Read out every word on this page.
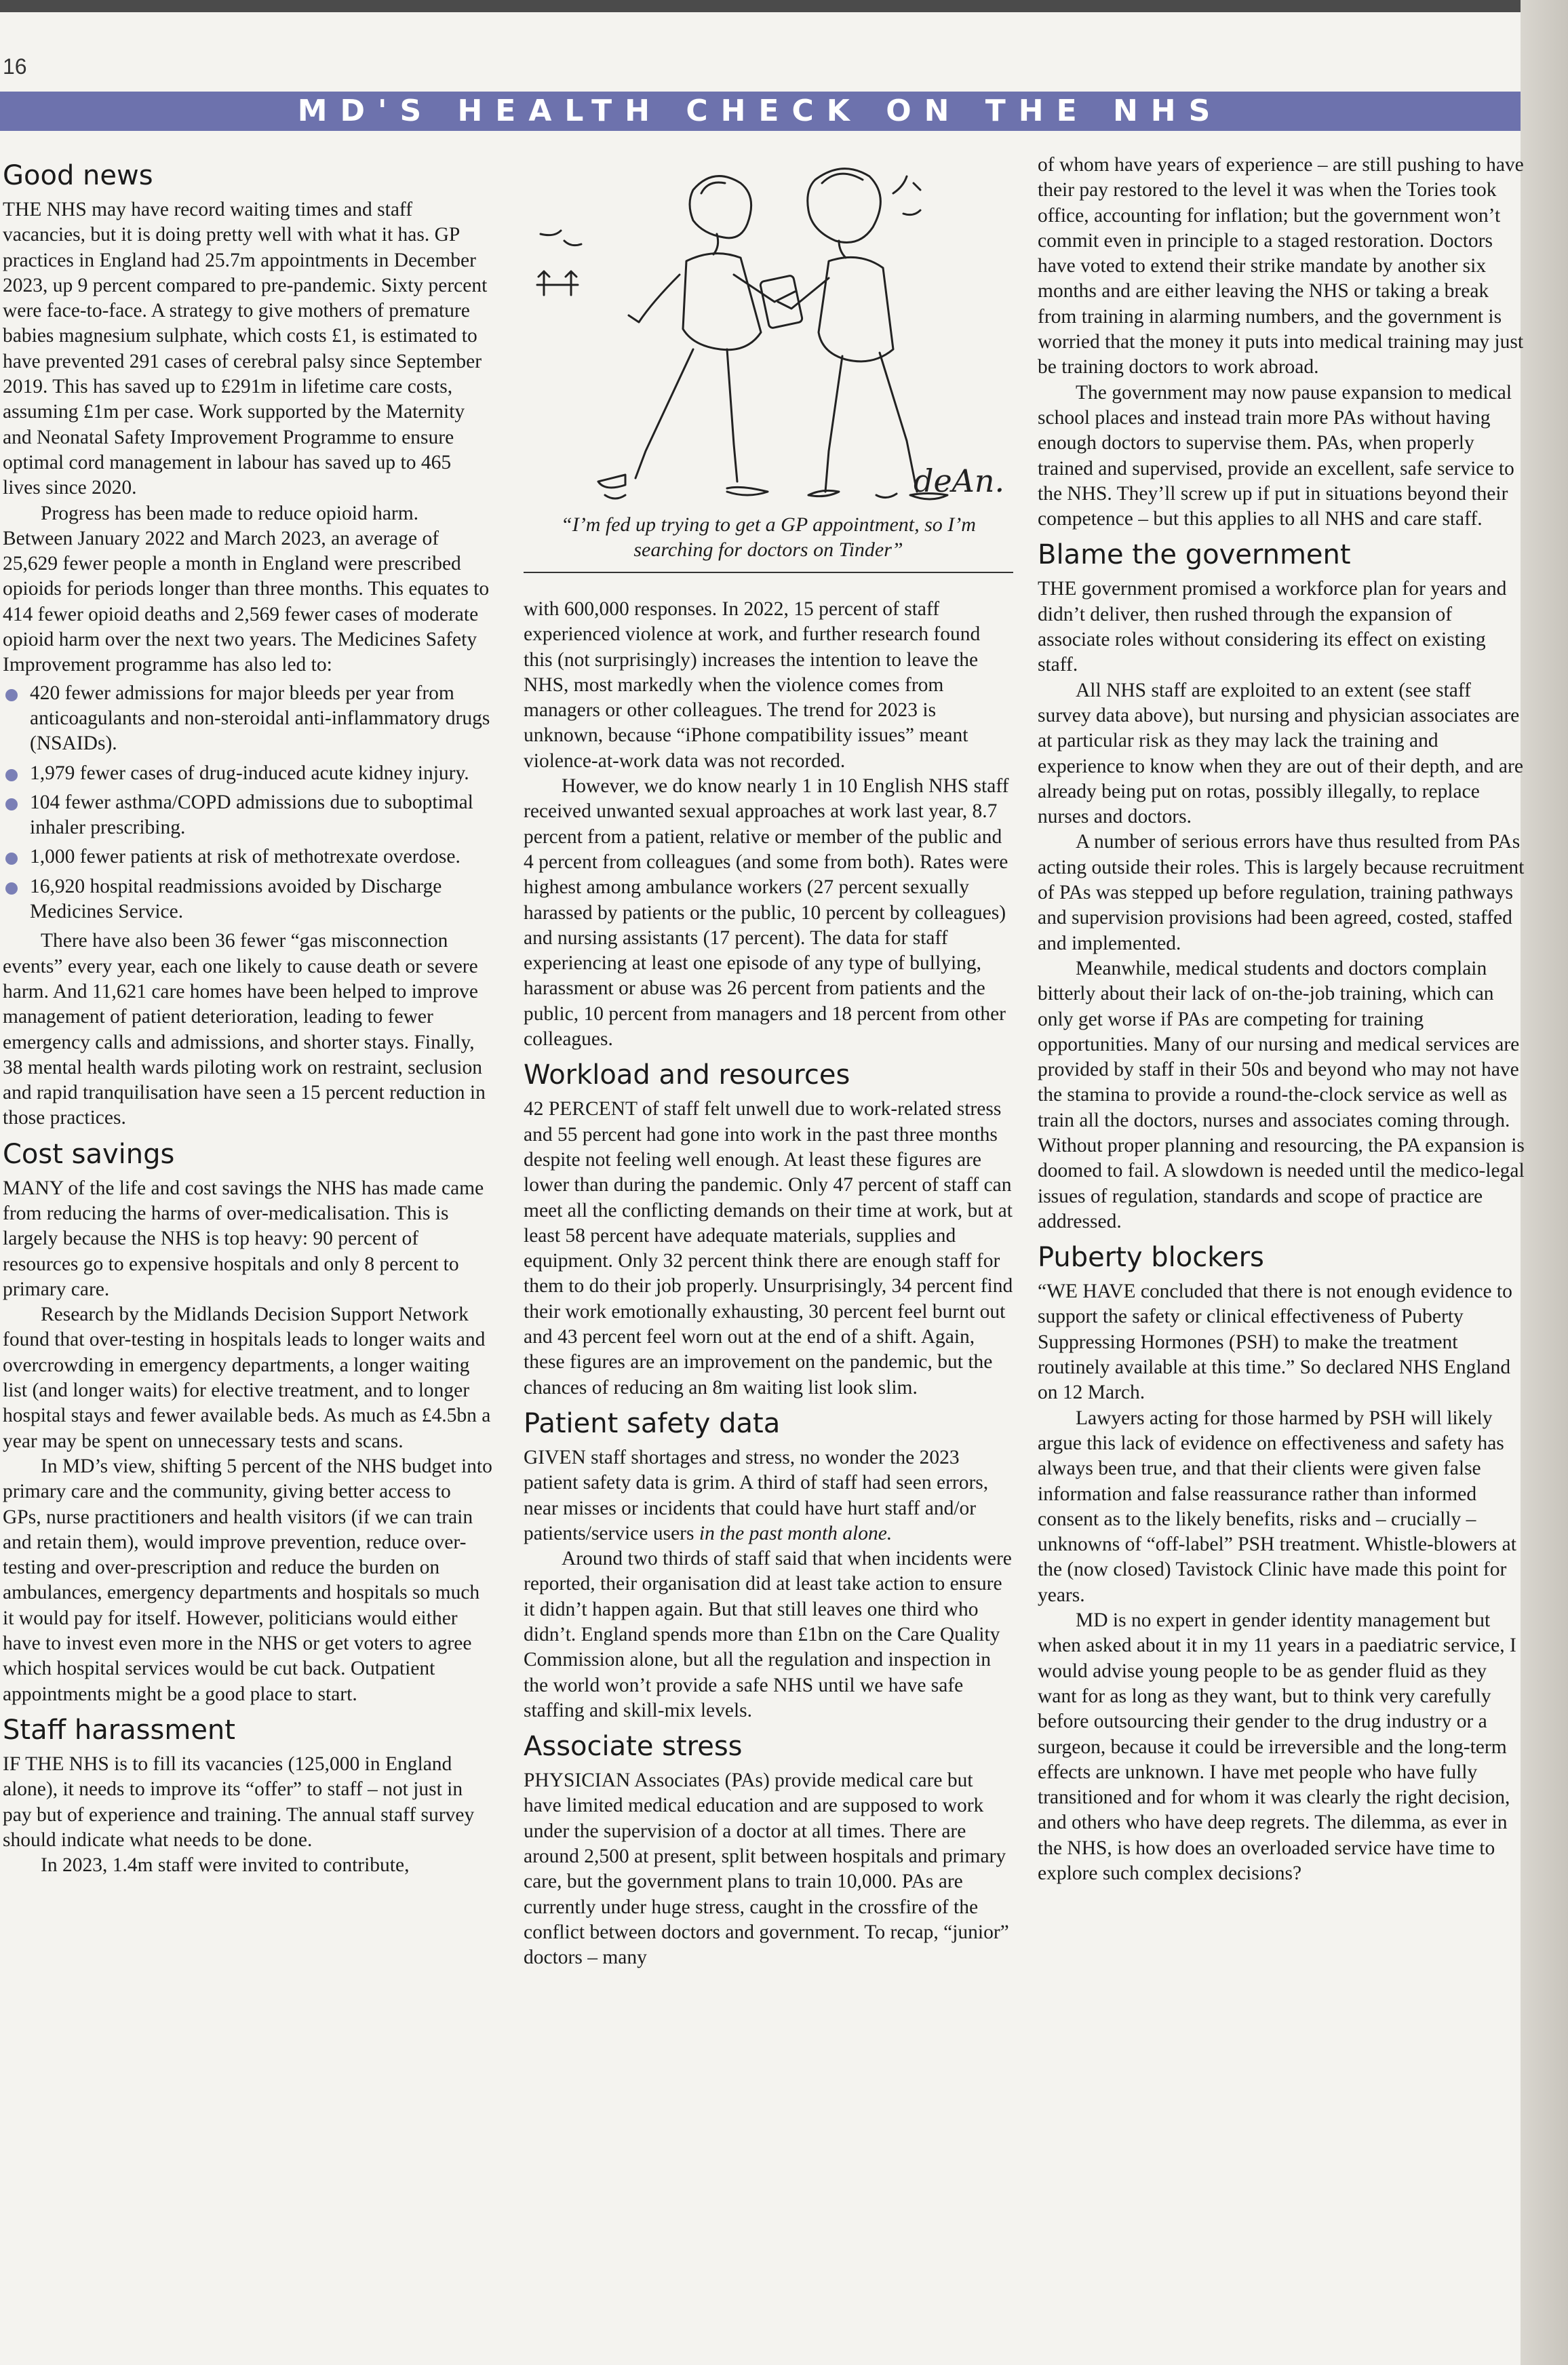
16
MD'S HEALTH CHECK ON THE NHS
Good news

THE NHS may have record waiting times and staff vacancies, but it is doing pretty well with what it has. GP practices in England had 25.7m appointments in December 2023, up 9 percent compared to pre-pandemic. Sixty percent were face-to-face. A strategy to give mothers of premature babies magnesium sulphate, which costs £1, is estimated to have prevented 291 cases of cerebral palsy since September 2019. This has saved up to £291m in lifetime care costs, assuming £1m per case. Work supported by the Maternity and Neonatal Safety Improvement Programme to ensure optimal cord management in labour has saved up to 465 lives since 2020.

Progress has been made to reduce opioid harm. Between January 2022 and March 2023, an average of 25,629 fewer people a month in England were prescribed opioids for periods longer than three months. This equates to 414 fewer opioid deaths and 2,569 fewer cases of moderate opioid harm over the next two years. The Medicines Safety Improvement programme has also led to:

420 fewer admissions for major bleeds per year from anticoagulants and non-steroidal anti-inflammatory drugs (NSAIDs).
1,979 fewer cases of drug-induced acute kidney injury.
104 fewer asthma/COPD admissions due to suboptimal inhaler prescribing.
1,000 fewer patients at risk of methotrexate overdose.
16,920 hospital readmissions avoided by Discharge Medicines Service.

There have also been 36 fewer “gas misconnection events” every year, each one likely to cause death or severe harm. And 11,621 care homes have been helped to improve management of patient deterioration, leading to fewer emergency calls and admissions, and shorter stays. Finally, 38 mental health wards piloting work on restraint, seclusion and rapid tranquilisation have seen a 15 percent reduction in those practices.

Cost savings

MANY of the life and cost savings the NHS has made came from reducing the harms of over-medicalisation. This is largely because the NHS is top heavy: 90 percent of resources go to expensive hospitals and only 8 percent to primary care.

Research by the Midlands Decision Support Network found that over-testing in hospitals leads to longer waits and overcrowding in emergency departments, a longer waiting list (and longer waits) for elective treatment, and to longer hospital stays and fewer available beds. As much as £4.5bn a year may be spent on unnecessary tests and scans.

In MD’s view, shifting 5 percent of the NHS budget into primary care and the community, giving better access to GPs, nurse practitioners and health visitors (if we can train and retain them), would improve prevention, reduce over-testing and over-prescription and reduce the burden on ambulances, emergency departments and hospitals so much it would pay for itself. However, politicians would either have to invest even more in the NHS or get voters to agree which hospital services would be cut back. Outpatient appointments might be a good place to start.

Staff harassment

IF THE NHS is to fill its vacancies (125,000 in England alone), it needs to improve its “offer” to staff – not just in pay but of experience and training. The annual staff survey should indicate what needs to be done.

In 2023, 1.4m staff were invited to contribute,

deAn.
“I’m fed up trying to get a GP appointment, so I’m searching for doctors on Tinder”

with 600,000 responses. In 2022, 15 percent of staff experienced violence at work, and further research found this (not surprisingly) increases the intention to leave the NHS, most markedly when the violence comes from managers or other colleagues. The trend for 2023 is unknown, because “iPhone compatibility issues” meant violence-at-work data was not recorded.

However, we do know nearly 1 in 10 English NHS staff received unwanted sexual approaches at work last year, 8.7 percent from a patient, relative or member of the public and 4 percent from colleagues (and some from both). Rates were highest among ambulance workers (27 percent sexually harassed by patients or the public, 10 percent by colleagues) and nursing assistants (17 percent). The data for staff experiencing at least one episode of any type of bullying, harassment or abuse was 26 percent from patients and the public, 10 percent from managers and 18 percent from other colleagues.

Workload and resources

42 PERCENT of staff felt unwell due to work-related stress and 55 percent had gone into work in the past three months despite not feeling well enough. At least these figures are lower than during the pandemic. Only 47 percent of staff can meet all the conflicting demands on their time at work, but at least 58 percent have adequate materials, supplies and equipment. Only 32 percent think there are enough staff for them to do their job properly. Unsurprisingly, 34 percent find their work emotionally exhausting, 30 percent feel burnt out and 43 percent feel worn out at the end of a shift. Again, these figures are an improvement on the pandemic, but the chances of reducing an 8m waiting list look slim.

Patient safety data

GIVEN staff shortages and stress, no wonder the 2023 patient safety data is grim. A third of staff had seen errors, near misses or incidents that could have hurt staff and/or patients/service users in the past month alone.

Around two thirds of staff said that when incidents were reported, their organisation did at least take action to ensure it didn’t happen again. But that still leaves one third who didn’t. England spends more than £1bn on the Care Quality Commission alone, but all the regulation and inspection in the world won’t provide a safe NHS until we have safe staffing and skill-mix levels.

Associate stress

PHYSICIAN Associates (PAs) provide medical care but have limited medical education and are supposed to work under the supervision of a doctor at all times. There are around 2,500 at present, split between hospitals and primary care, but the government plans to train 10,000. PAs are currently under huge stress, caught in the crossfire of the conflict between doctors and government. To recap, “junior” doctors – many

of whom have years of experience – are still pushing to have their pay restored to the level it was when the Tories took office, accounting for inflation; but the government won’t commit even in principle to a staged restoration. Doctors have voted to extend their strike mandate by another six months and are either leaving the NHS or taking a break from training in alarming numbers, and the government is worried that the money it puts into medical training may just be training doctors to work abroad.

The government may now pause expansion to medical school places and instead train more PAs without having enough doctors to supervise them. PAs, when properly trained and supervised, provide an excellent, safe service to the NHS. They’ll screw up if put in situations beyond their competence – but this applies to all NHS and care staff.

Blame the government

THE government promised a workforce plan for years and didn’t deliver, then rushed through the expansion of associate roles without considering its effect on existing staff.

All NHS staff are exploited to an extent (see staff survey data above), but nursing and physician associates are at particular risk as they may lack the training and experience to know when they are out of their depth, and are already being put on rotas, possibly illegally, to replace nurses and doctors.

A number of serious errors have thus resulted from PAs acting outside their roles. This is largely because recruitment of PAs was stepped up before regulation, training pathways and supervision provisions had been agreed, costed, staffed and implemented.

Meanwhile, medical students and doctors complain bitterly about their lack of on-the-job training, which can only get worse if PAs are competing for training opportunities. Many of our nursing and medical services are provided by staff in their 50s and beyond who may not have the stamina to provide a round-the-clock service as well as train all the doctors, nurses and associates coming through. Without proper planning and resourcing, the PA expansion is doomed to fail. A slowdown is needed until the medico-legal issues of regulation, standards and scope of practice are addressed.

Puberty blockers

“WE HAVE concluded that there is not enough evidence to support the safety or clinical effectiveness of Puberty Suppressing Hormones (PSH) to make the treatment routinely available at this time.” So declared NHS England on 12 March.

Lawyers acting for those harmed by PSH will likely argue this lack of evidence on effectiveness and safety has always been true, and that their clients were given false information and false reassurance rather than informed consent as to the likely benefits, risks and – crucially – unknowns of “off-label” PSH treatment. Whistle-blowers at the (now closed) Tavistock Clinic have made this point for years.

MD is no expert in gender identity management but when asked about it in my 11 years in a paediatric service, I would advise young people to be as gender fluid as they want for as long as they want, but to think very carefully before outsourcing their gender to the drug industry or a surgeon, because it could be irreversible and the long-term effects are unknown. I have met people who have fully transitioned and for whom it was clearly the right decision, and others who have deep regrets. The dilemma, as ever in the NHS, is how does an overloaded service have time to explore such complex decisions?
